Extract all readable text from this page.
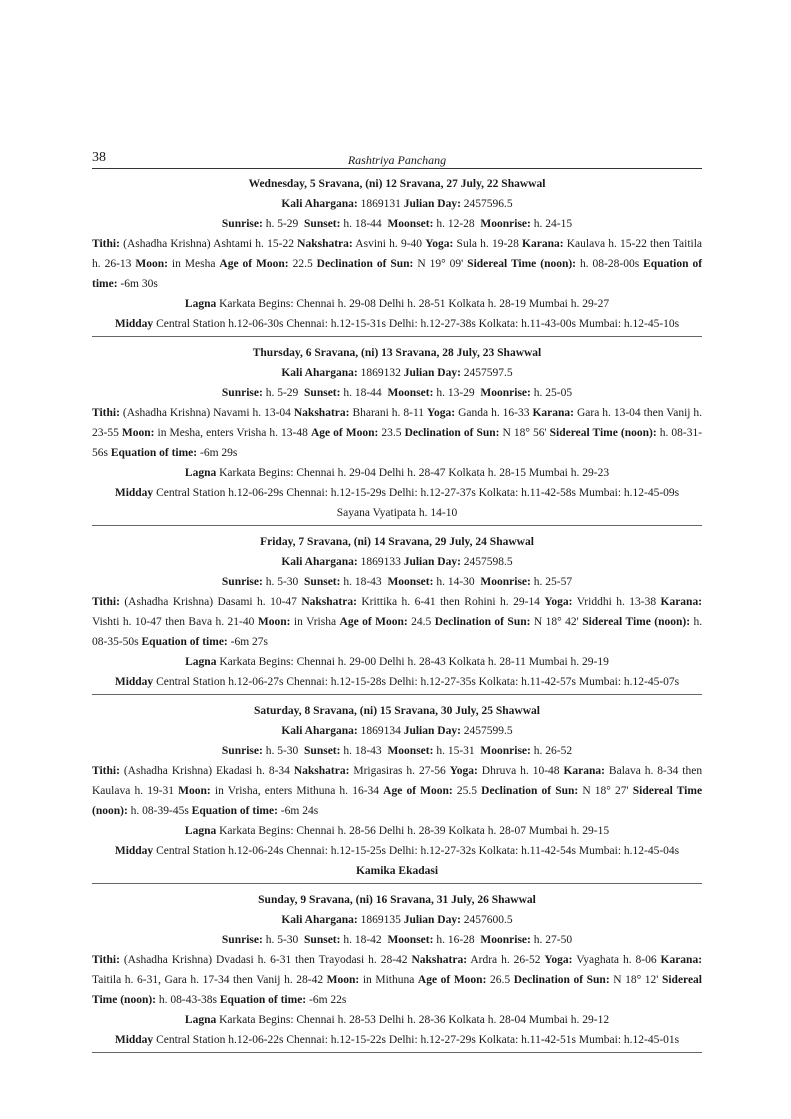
38	Rashtriya Panchang
Wednesday, 5 Sravana, (ni) 12 Sravana, 27 July, 22 Shawwal
Kali Ahargana: 1869131 Julian Day: 2457596.5
Sunrise: h. 5-29 Sunset: h. 18-44 Moonset: h. 12-28 Moonrise: h. 24-15
Tithi: (Ashadha Krishna) Ashtami h. 15-22 Nakshatra: Asvini h. 9-40 Yoga: Sula h. 19-28 Karana: Kaulava h. 15-22 then Taitila h. 26-13 Moon: in Mesha Age of Moon: 22.5 Declination of Sun: N 19° 09' Sidereal Time (noon): h. 08-28-00s Equation of time: -6m 30s
Lagna Karkata Begins: Chennai h. 29-08 Delhi h. 28-51 Kolkata h. 28-19 Mumbai h. 29-27
Midday Central Station h.12-06-30s Chennai: h.12-15-31s Delhi: h.12-27-38s Kolkata: h.11-43-00s Mumbai: h.12-45-10s
Thursday, 6 Sravana, (ni) 13 Sravana, 28 July, 23 Shawwal
Kali Ahargana: 1869132 Julian Day: 2457597.5
Sunrise: h. 5-29 Sunset: h. 18-44 Moonset: h. 13-29 Moonrise: h. 25-05
Tithi: (Ashadha Krishna) Navami h. 13-04 Nakshatra: Bharani h. 8-11 Yoga: Ganda h. 16-33 Karana: Gara h. 13-04 then Vanij h. 23-55 Moon: in Mesha, enters Vrisha h. 13-48 Age of Moon: 23.5 Declination of Sun: N 18° 56' Sidereal Time (noon): h. 08-31-56s Equation of time: -6m 29s
Lagna Karkata Begins: Chennai h. 29-04 Delhi h. 28-47 Kolkata h. 28-15 Mumbai h. 29-23
Midday Central Station h.12-06-29s Chennai: h.12-15-29s Delhi: h.12-27-37s Kolkata: h.11-42-58s Mumbai: h.12-45-09s
Sayana Vyatipata h. 14-10
Friday, 7 Sravana, (ni) 14 Sravana, 29 July, 24 Shawwal
Kali Ahargana: 1869133 Julian Day: 2457598.5
Sunrise: h. 5-30 Sunset: h. 18-43 Moonset: h. 14-30 Moonrise: h. 25-57
Tithi: (Ashadha Krishna) Dasami h. 10-47 Nakshatra: Krittika h. 6-41 then Rohini h. 29-14 Yoga: Vriddhi h. 13-38 Karana: Vishti h. 10-47 then Bava h. 21-40 Moon: in Vrisha Age of Moon: 24.5 Declination of Sun: N 18° 42' Sidereal Time (noon): h. 08-35-50s Equation of time: -6m 27s
Lagna Karkata Begins: Chennai h. 29-00 Delhi h. 28-43 Kolkata h. 28-11 Mumbai h. 29-19
Midday Central Station h.12-06-27s Chennai: h.12-15-28s Delhi: h.12-27-35s Kolkata: h.11-42-57s Mumbai: h.12-45-07s
Saturday, 8 Sravana, (ni) 15 Sravana, 30 July, 25 Shawwal
Kali Ahargana: 1869134 Julian Day: 2457599.5
Sunrise: h. 5-30 Sunset: h. 18-43 Moonset: h. 15-31 Moonrise: h. 26-52
Tithi: (Ashadha Krishna) Ekadasi h. 8-34 Nakshatra: Mrigasiras h. 27-56 Yoga: Dhruva h. 10-48 Karana: Balava h. 8-34 then Kaulava h. 19-31 Moon: in Vrisha, enters Mithuna h. 16-34 Age of Moon: 25.5 Declination of Sun: N 18° 27' Sidereal Time (noon): h. 08-39-45s Equation of time: -6m 24s
Lagna Karkata Begins: Chennai h. 28-56 Delhi h. 28-39 Kolkata h. 28-07 Mumbai h. 29-15
Midday Central Station h.12-06-24s Chennai: h.12-15-25s Delhi: h.12-27-32s Kolkata: h.11-42-54s Mumbai: h.12-45-04s
Kamika Ekadasi
Sunday, 9 Sravana, (ni) 16 Sravana, 31 July, 26 Shawwal
Kali Ahargana: 1869135 Julian Day: 2457600.5
Sunrise: h. 5-30 Sunset: h. 18-42 Moonset: h. 16-28 Moonrise: h. 27-50
Tithi: (Ashadha Krishna) Dvadasi h. 6-31 then Trayodasi h. 28-42 Nakshatra: Ardra h. 26-52 Yoga: Vyaghata h. 8-06 Karana: Taitila h. 6-31, Gara h. 17-34 then Vanij h. 28-42 Moon: in Mithuna Age of Moon: 26.5 Declination of Sun: N 18° 12' Sidereal Time (noon): h. 08-43-38s Equation of time: -6m 22s
Lagna Karkata Begins: Chennai h. 28-53 Delhi h. 28-36 Kolkata h. 28-04 Mumbai h. 29-12
Midday Central Station h.12-06-22s Chennai: h.12-15-22s Delhi: h.12-27-29s Kolkata: h.11-42-51s Mumbai: h.12-45-01s
